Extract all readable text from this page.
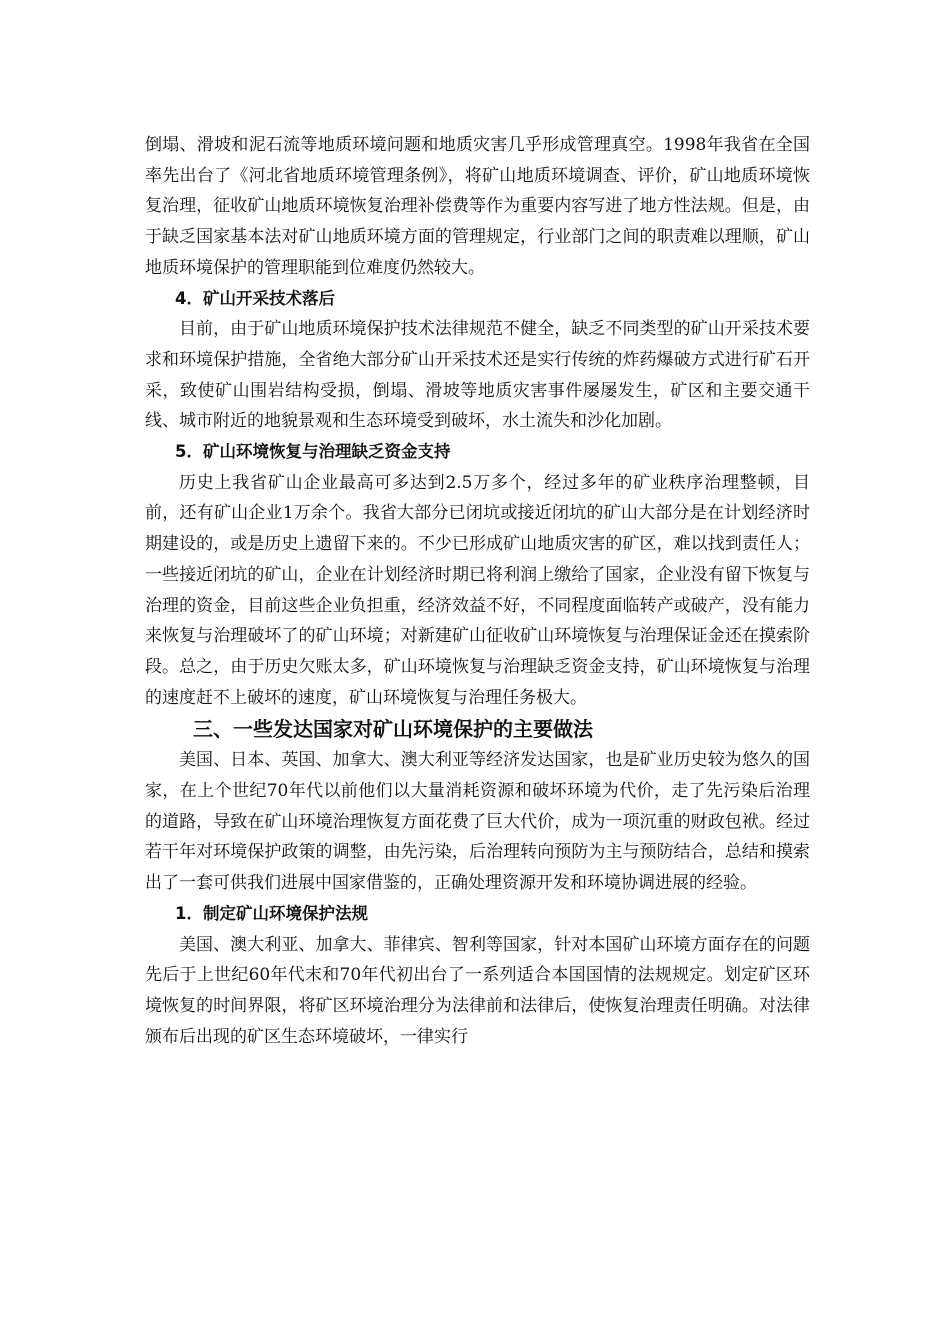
倒塌、滑坡和泥石流等地质环境问题和地质灾害几乎形成管理真空。1998年我省在全国率先出台了《河北省地质环境管理条例》，将矿山地质环境调查、评价，矿山地质环境恢复治理，征收矿山地质环境恢复治理补偿费等作为重要内容写进了地方性法规。但是，由于缺乏国家基本法对矿山地质环境方面的管理规定，行业部门之间的职责难以理顺，矿山地质环境保护的管理职能到位难度仍然较大。

4．矿山开采技术落后

目前，由于矿山地质环境保护技术法律规范不健全，缺乏不同类型的矿山开采技术要求和环境保护措施，全省绝大部分矿山开采技术还是实行传统的炸药爆破方式进行矿石开采，致使矿山围岩结构受损，倒塌、滑坡等地质灾害事件屡屡发生，矿区和主要交通干线、城市附近的地貌景观和生态环境受到破坏，水土流失和沙化加剧。

5．矿山环境恢复与治理缺乏资金支持

历史上我省矿山企业最高可多达到2.5万多个，经过多年的矿业秩序治理整顿，目前，还有矿山企业1万余个。我省大部分已闭坑或接近闭坑的矿山大部分是在计划经济时期建设的，或是历史上遗留下来的。不少已形成矿山地质灾害的矿区，难以找到责任人；一些接近闭坑的矿山，企业在计划经济时期已将利润上缴给了国家，企业没有留下恢复与治理的资金，目前这些企业负担重，经济效益不好，不同程度面临转产或破产，没有能力来恢复与治理破坏了的矿山环境；对新建矿山征收矿山环境恢复与治理保证金还在摸索阶段。总之，由于历史欠账太多，矿山环境恢复与治理缺乏资金支持，矿山环境恢复与治理的速度赶不上破坏的速度，矿山环境恢复与治理任务极大。

三、一些发达国家对矿山环境保护的主要做法

美国、日本、英国、加拿大、澳大利亚等经济发达国家，也是矿业历史较为悠久的国家，在上个世纪70年代以前他们以大量消耗资源和破坏环境为代价，走了先污染后治理的道路，导致在矿山环境治理恢复方面花费了巨大代价，成为一项沉重的财政包袱。经过若干年对环境保护政策的调整，由先污染，后治理转向预防为主与预防结合，总结和摸索出了一套可供我们进展中国家借鉴的，正确处理资源开发和环境协调进展的经验。

1．制定矿山环境保护法规

美国、澳大利亚、加拿大、菲律宾、智利等国家，针对本国矿山环境方面存在的问题先后于上世纪60年代末和70年代初出台了一系列适合本国国情的法规规定。划定矿区环境恢复的时间界限，将矿区环境治理分为法律前和法律后，使恢复治理责任明确。对法律颁布后出现的矿区生态环境破坏，一律实行
